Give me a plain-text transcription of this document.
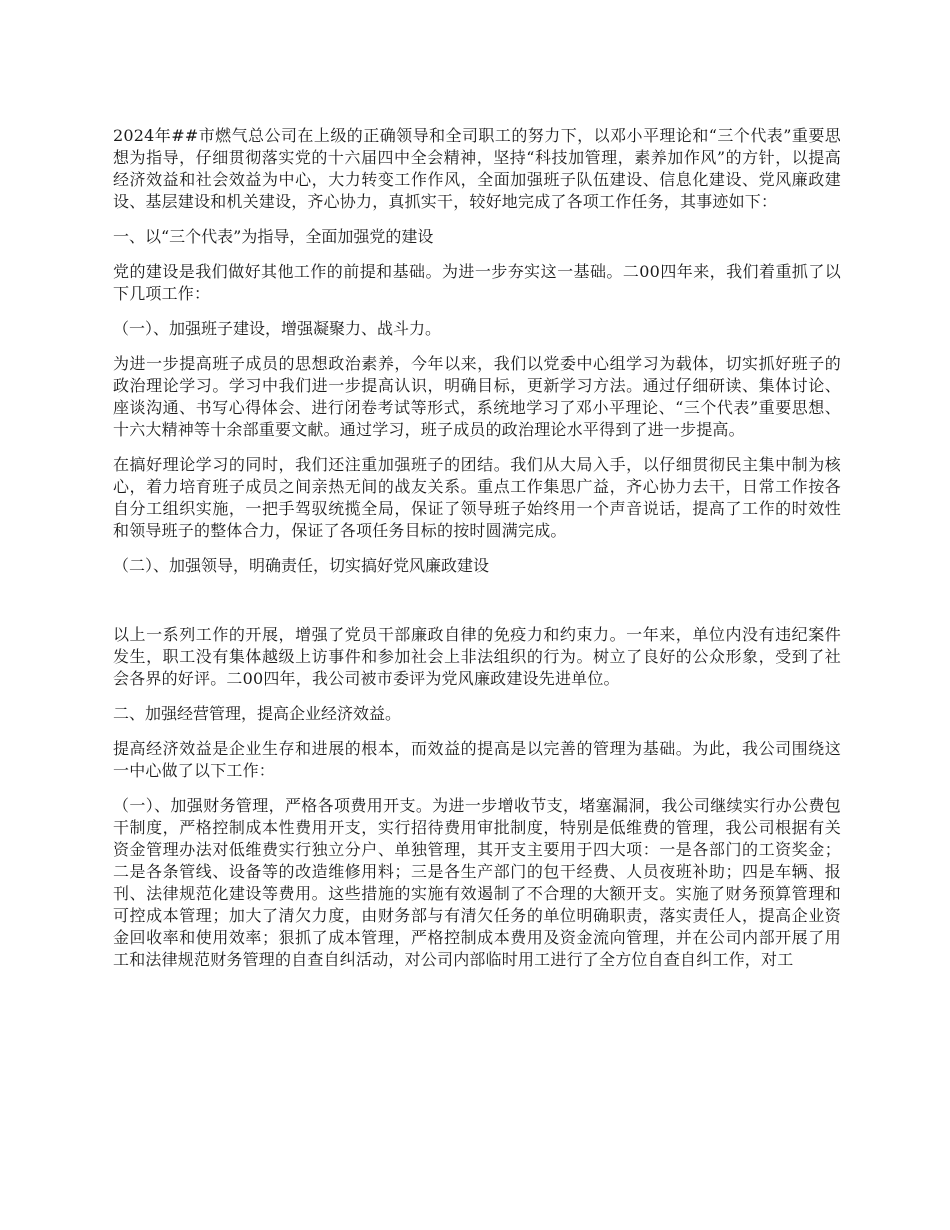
2024年##市燃气总公司在上级的正确领导和全司职工的努力下，以邓小平理论和“三个代表”重要思想为指导，仔细贯彻落实党的十六届四中全会精神，坚持“科技加管理，素养加作风”的方针，以提高经济效益和社会效益为中心，大力转变工作作风，全面加强班子队伍建设、信息化建设、党风廉政建设、基层建设和机关建设，齐心协力，真抓实干，较好地完成了各项工作任务，其事迹如下：

一、以“三个代表”为指导，全面加强党的建设

党的建设是我们做好其他工作的前提和基础。为进一步夯实这一基础。二00四年来，我们着重抓了以下几项工作：

（一）、加强班子建设，增强凝聚力、战斗力。

为进一步提高班子成员的思想政治素养，今年以来，我们以党委中心组学习为载体，切实抓好班子的政治理论学习。学习中我们进一步提高认识，明确目标，更新学习方法。通过仔细研读、集体讨论、座谈沟通、书写心得体会、进行闭卷考试等形式，系统地学习了邓小平理论、“三个代表”重要思想、十六大精神等十余部重要文献。通过学习，班子成员的政治理论水平得到了进一步提高。

在搞好理论学习的同时，我们还注重加强班子的团结。我们从大局入手，以仔细贯彻民主集中制为核心，着力培育班子成员之间亲热无间的战友关系。重点工作集思广益，齐心协力去干，日常工作按各自分工组织实施，一把手驾驭统揽全局，保证了领导班子始终用一个声音说话，提高了工作的时效性和领导班子的整体合力，保证了各项任务目标的按时圆满完成。

（二）、加强领导，明确责任，切实搞好党风廉政建设

以上一系列工作的开展，增强了党员干部廉政自律的免疫力和约束力。一年来，单位内没有违纪案件发生，职工没有集体越级上访事件和参加社会上非法组织的行为。树立了良好的公众形象，受到了社会各界的好评。二00四年，我公司被市委评为党风廉政建设先进单位。

二、加强经营管理，提高企业经济效益。

提高经济效益是企业生存和进展的根本，而效益的提高是以完善的管理为基础。为此，我公司围绕这一中心做了以下工作：

（一）、加强财务管理，严格各项费用开支。为进一步增收节支，堵塞漏洞，我公司继续实行办公费包干制度，严格控制成本性费用开支，实行招待费用审批制度，特别是低维费的管理，我公司根据有关资金管理办法对低维费实行独立分户、单独管理，其开支主要用于四大项：一是各部门的工资奖金；二是各条管线、设备等的改造维修用料；三是各生产部门的包干经费、人员夜班补助；四是车辆、报刊、法律规范化建设等费用。这些措施的实施有效遏制了不合理的大额开支。实施了财务预算管理和可控成本管理；加大了清欠力度，由财务部与有清欠任务的单位明确职责，落实责任人，提高企业资金回收率和使用效率；狠抓了成本管理，严格控制成本费用及资金流向管理，并在公司内部开展了用工和法律规范财务管理的自查自纠活动，对公司内部临时用工进行了全方位自查自纠工作，对工
